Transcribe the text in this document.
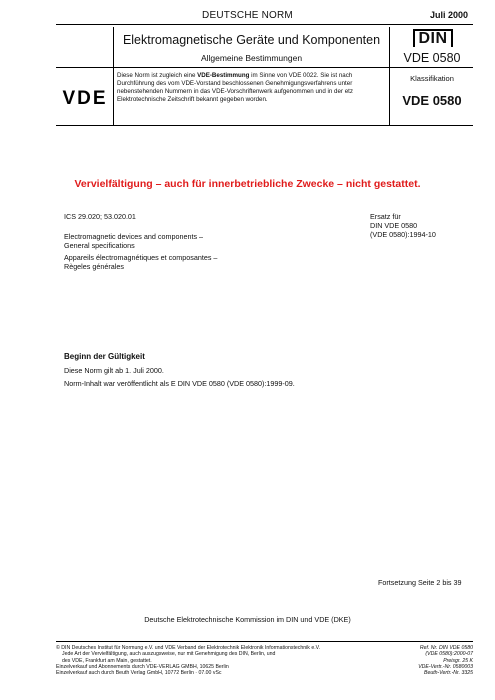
DEUTSCHE NORM	Juli 2000
Elektromagnetische Geräte und Komponenten
Allgemeine Bestimmungen
DIN
VDE 0580
VDE
Diese Norm ist zugleich eine VDE-Bestimmung im Sinne von VDE 0022. Sie ist nach Durchführung des vom VDE-Vorstand beschlossenen Genehmigungsverfahrens unter nebenstehenden Nummern in das VDE-Vorschriftenwerk aufgenommen und in der etz Elektrotechnische Zeitschrift bekannt gegeben worden.
Klassifikation
VDE 0580
Vervielfältigung – auch für innerbetriebliche Zwecke – nicht gestattet.
ICS 29.020; 53.020.01	Ersatz für
DIN VDE 0580
(VDE 0580):1994-10
Electromagnetic devices and components –
General specifications
Appareils électromagnétiques et composantes –
Règeles générales
Beginn der Gültigkeit
Diese Norm gilt ab 1. Juli 2000.
Norm-Inhalt war veröffentlicht als E DIN VDE 0580 (VDE 0580):1999-09.
Fortsetzung Seite 2 bis 39
Deutsche Elektrotechnische Kommission im DIN und VDE (DKE)
© DIN Deutsches Institut für Normung e.V. und VDE Verband der Elektrotechnik Elektronik Informationstechnik e.V.
Jede Art der Vervielfältigung, auch auszugsweise, nur mit Genehmigung des DIN, Berlin, und
des VDE, Frankfurt am Main, gestattet.
Einzelverkauf und Abonnements durch VDE-VERLAG GMBH, 10625 Berlin
Einzelverkauf auch durch Beuth Verlag GmbH, 10772 Berlin · 07.00 vSc
Ref. Nr. DIN VDE 0580
(VDE 0580):2000-07
Preisgr. 25 K
VDE-Vertr.-Nr. 0580003
Beuth-Vertr.-Nr. 3325
